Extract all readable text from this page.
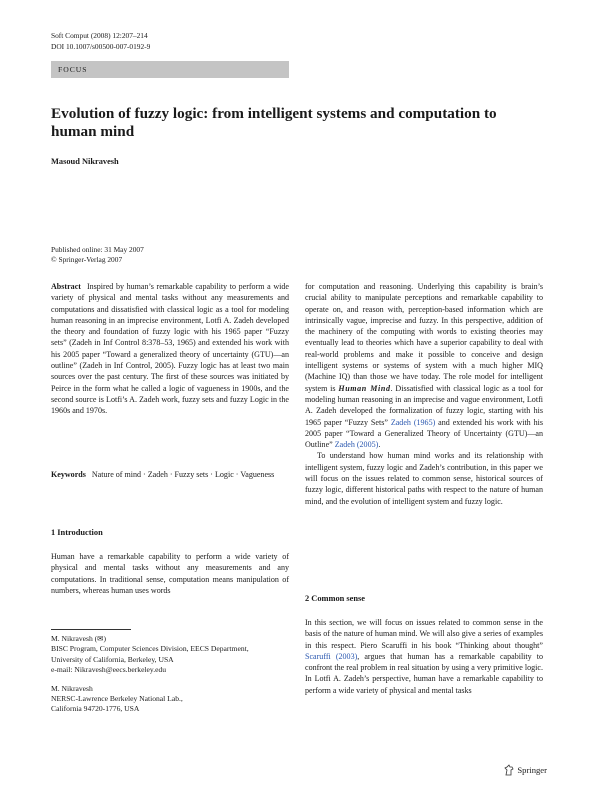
Soft Comput (2008) 12:207–214
DOI 10.1007/s00500-007-0192-9
FOCUS
Evolution of fuzzy logic: from intelligent systems and computation to human mind
Masoud Nikravesh
Published online: 31 May 2007
© Springer-Verlag 2007

Abstract Inspired by human’s remarkable capability to perform a wide variety of physical and mental tasks without any measurements and computations and dissatisfied with classical logic as a tool for modeling human reasoning in an imprecise environment, Lotfi A. Zadeh developed the theory and foundation of fuzzy logic with his 1965 paper “Fuzzy sets” (Zadeh in Inf Control 8:378–53, 1965) and extended his work with his 2005 paper “Toward a generalized theory of uncertainty (GTU)—an outline” (Zadeh in Inf Control, 2005). Fuzzy logic has at least two main sources over the past century. The first of these sources was initiated by Peirce in the form what he called a logic of vagueness in 1900s, and the second source is Lotfi’s A. Zadeh work, fuzzy sets and fuzzy Logic in the 1960s and 1970s.

Keywords Nature of mind · Zadeh · Fuzzy sets · Logic · Vagueness

1 Introduction

Human have a remarkable capability to perform a wide variety of physical and mental tasks without any measurements and any computations. In traditional sense, computation means manipulation of numbers, whereas human uses words

M. Nikravesh (✉)
BISC Program, Computer Sciences Division, EECS Department,
University of California, Berkeley, USA
e-mail: Nikravesh@eecs.berkeley.edu
M. Nikravesh
NERSC-Lawrence Berkeley National Lab.,
California 94720-1776, USA

for computation and reasoning. Underlying this capability is brain’s crucial ability to manipulate perceptions and remarkable capability to operate on, and reason with, perception-based information which are intrinsically vague, imprecise and fuzzy. In this perspective, addition of the machinery of the computing with words to existing theories may eventually lead to theories which have a superior capability to deal with real-world problems and make it possible to conceive and design intelligent systems or systems of system with a much higher MIQ (Machine IQ) than those we have today. The role model for intelligent system is Human Mind. Dissatisfied with classical logic as a tool for modeling human reasoning in an imprecise and vague environment, Lotfi A. Zadeh developed the formalization of fuzzy logic, starting with his 1965 paper “Fuzzy Sets” Zadeh (1965) and extended his work with his 2005 paper “Toward a Generalized Theory of Uncertainty (GTU)—an Outline” Zadeh (2005).

To understand how human mind works and its relationship with intelligent system, fuzzy logic and Zadeh’s contribution, in this paper we will focus on the issues related to common sense, historical sources of fuzzy logic, different historical paths with respect to the nature of human mind, and the evolution of intelligent system and fuzzy logic.

2 Common sense

In this section, we will focus on issues related to common sense in the basis of the nature of human mind. We will also give a series of examples in this respect. Piero Scaruffi in his book “Thinking about thought” Scaruffi (2003), argues that human has a remarkable capability to confront the real problem in real situation by using a very primitive logic. In Lotfi A. Zadeh’s perspective, human have a remarkable capability to perform a wide variety of physical and mental tasks

Springer
